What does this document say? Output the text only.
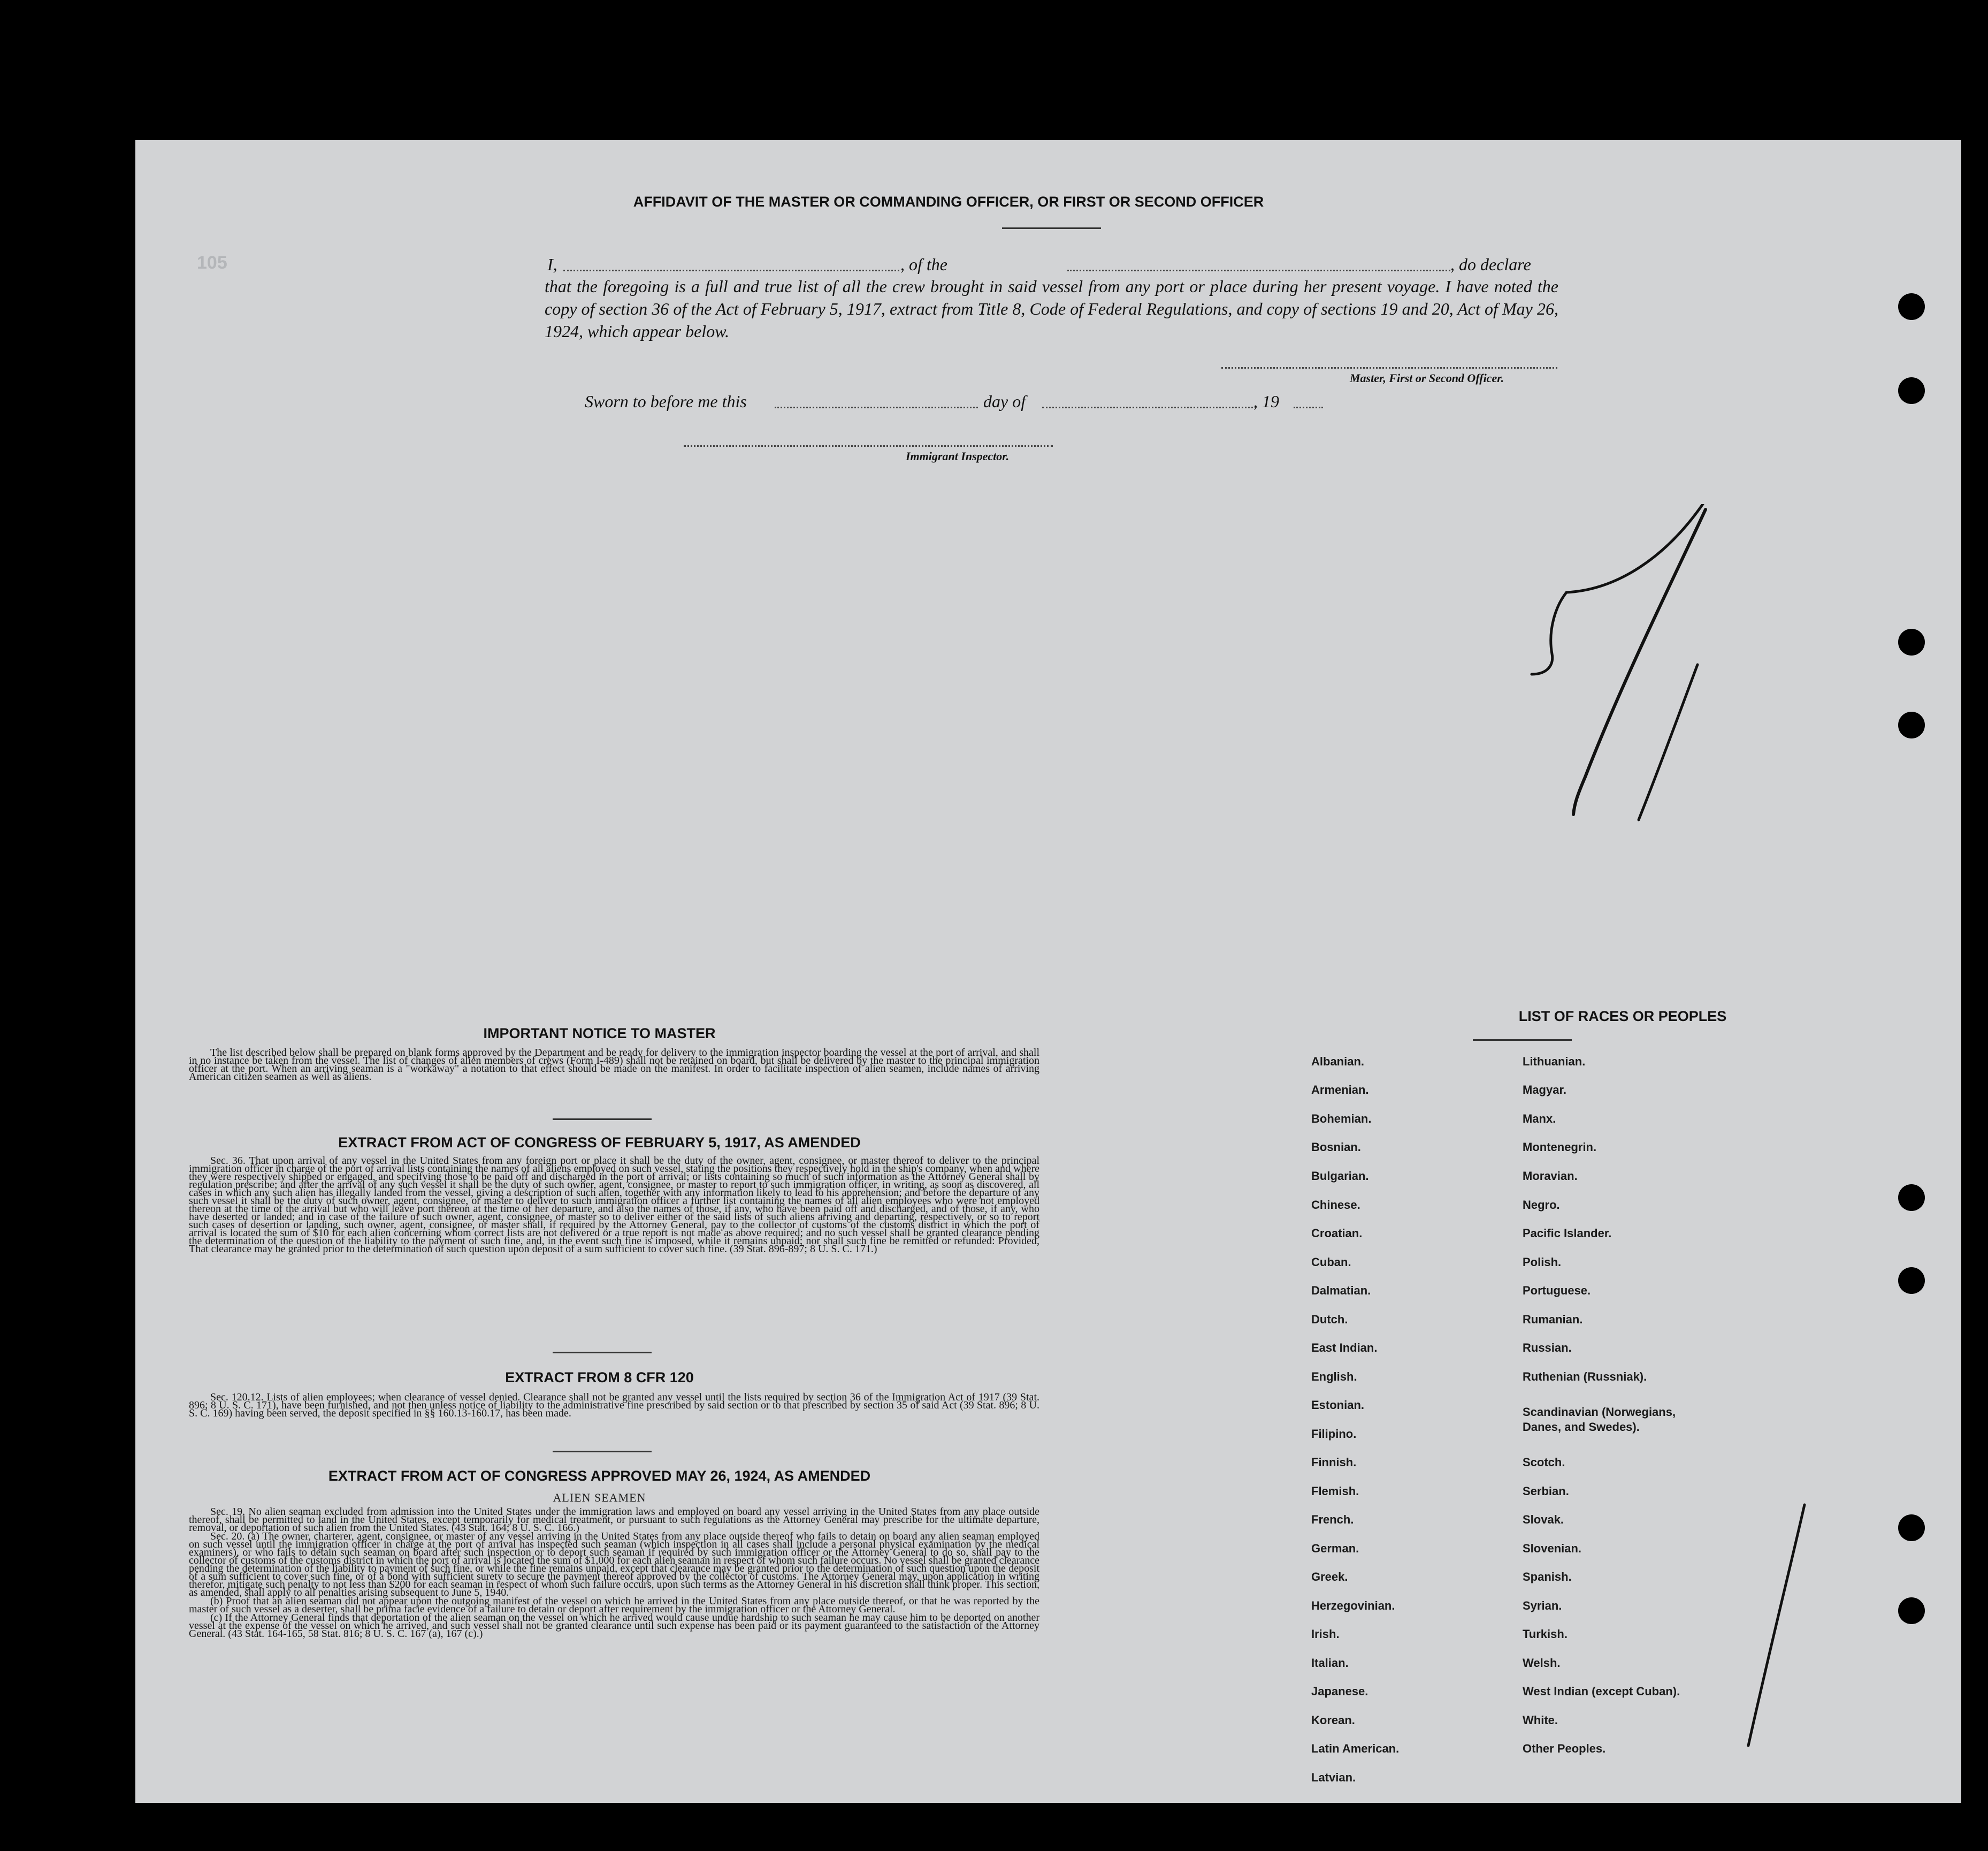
105
AFFIDAVIT OF THE MASTER OR COMMANDING OFFICER, OR FIRST OR SECOND OFFICER
I,	, of the	, do declare
that the foregoing is a full and true list of all the crew brought in said vessel from any port or place during her present voyage. I have noted the copy of section 36 of the Act of February 5, 1917, extract from Title 8, Code of Federal Regulations, and copy of sections 19 and 20, Act of May 26, 1924, which appear below.
Master, First or Second Officer.
Sworn to before me this	day of	, 19
Immigrant Inspector.
IMPORTANT NOTICE TO MASTER

The list described below shall be prepared on blank forms approved by the Department and be ready for delivery to the immigration inspector boarding the vessel at the port of arrival, and shall in no instance be taken from the vessel. The list of changes of alien members of crews (Form I-489) shall not be retained on board, but shall be delivered by the master to the principal immigration officer at the port. When an arriving seaman is a "workaway" a notation to that effect should be made on the manifest. In order to facilitate inspection of alien seamen, include names of arriving American citizen seamen as well as aliens.

EXTRACT FROM ACT OF CONGRESS OF FEBRUARY 5, 1917, AS AMENDED

Sec. 36. That upon arrival of any vessel in the United States from any foreign port or place it shall be the duty of the owner, agent, consignee, or master thereof to deliver to the principal immigration officer in charge of the port of arrival lists containing the names of all aliens employed on such vessel, stating the positions they respectively hold in the ship's company, when and where they were respectively shipped or engaged, and specifying those to be paid off and discharged in the port of arrival; or lists containing so much of such information as the Attorney General shall by regulation prescribe; and after the arrival of any such vessel it shall be the duty of such owner, agent, consignee, or master to report to such immigration officer, in writing, as soon as discovered, all cases in which any such alien has illegally landed from the vessel, giving a description of such alien, together with any information likely to lead to his apprehension; and before the departure of any such vessel it shall be the duty of such owner, agent, consignee, or master to deliver to such immigration officer a further list containing the names of all alien employees who were not employed thereon at the time of the arrival but who will leave port thereon at the time of her departure, and also the names of those, if any, who have been paid off and discharged, and of those, if any, who have deserted or landed; and in case of the failure of such owner, agent, consignee, or master so to deliver either of the said lists of such aliens arriving and departing, respectively, or so to report such cases of desertion or landing, such owner, agent, consignee, or master shall, if required by the Attorney General, pay to the collector of customs of the customs district in which the port of arrival is located the sum of $10 for each alien concerning whom correct lists are not delivered or a true report is not made as above required; and no such vessel shall be granted clearance pending the determination of the question of the liability to the payment of such fine, and, in the event such fine is imposed, while it remains unpaid; nor shall such fine be remitted or refunded: Provided, That clearance may be granted prior to the determination of such question upon deposit of a sum sufficient to cover such fine. (39 Stat. 896-897; 8 U. S. C. 171.)

EXTRACT FROM 8 CFR 120

Sec. 120.12. Lists of alien employees; when clearance of vessel denied. Clearance shall not be granted any vessel until the lists required by section 36 of the Immigration Act of 1917 (39 Stat. 896; 8 U. S. C. 171), have been furnished, and not then unless notice of liability to the administrative fine prescribed by said section or to that prescribed by section 35 of said Act (39 Stat. 896; 8 U. S. C. 169) having been served, the deposit specified in §§ 160.13-160.17, has been made.

EXTRACT FROM ACT OF CONGRESS APPROVED MAY 26, 1924, AS AMENDED
ALIEN SEAMEN

Sec. 19. No alien seaman excluded from admission into the United States under the immigration laws and employed on board any vessel arriving in the United States from any place outside thereof, shall be permitted to land in the United States, except temporarily for medical treatment, or pursuant to such regulations as the Attorney General may prescribe for the ultimate departure, removal, or deportation of such alien from the United States. (43 Stat. 164; 8 U. S. C. 166.)

Sec. 20. (a) The owner, charterer, agent, consignee, or master of any vessel arriving in the United States from any place outside thereof who fails to detain on board any alien seaman employed on such vessel until the immigration officer in charge at the port of arrival has inspected such seaman (which inspection in all cases shall include a personal physical examination by the medical examiners), or who fails to detain such seaman on board after such inspection or to deport such seaman if required by such immigration officer or the Attorney General to do so, shall pay to the collector of customs of the customs district in which the port of arrival is located the sum of $1,000 for each alien seaman in respect of whom such failure occurs. No vessel shall be granted clearance pending the determination of the liability to payment of such fine, or while the fine remains unpaid, except that clearance may be granted prior to the determination of such question upon the deposit of a sum sufficient to cover such fine, or of a bond with sufficient surety to secure the payment thereof approved by the collector of customs. The Attorney General may, upon application in writing therefor, mitigate such penalty to not less than $200 for each seaman in respect of whom such failure occurs, upon such terms as the Attorney General in his discretion shall think proper. This section, as amended, shall apply to all penalties arising subsequent to June 5, 1940.

(b) Proof that an alien seaman did not appear upon the outgoing manifest of the vessel on which he arrived in the United States from any place outside thereof, or that he was reported by the master of such vessel as a deserter, shall be prima facie evidence of a failure to detain or deport after requirement by the immigration officer or the Attorney General.

(c) If the Attorney General finds that deportation of the alien seaman on the vessel on which he arrived would cause undue hardship to such seaman he may cause him to be deported on another vessel at the expense of the vessel on which he arrived, and such vessel shall not be granted clearance until such expense has been paid or its payment guaranteed to the satisfaction of the Attorney General. (43 Stat. 164-165, 58 Stat. 816; 8 U. S. C. 167 (a), 167 (c).)

LIST OF RACES OR PEOPLES
Albanian.
Armenian.
Bohemian.
Bosnian.
Bulgarian.
Chinese.
Croatian.
Cuban.
Dalmatian.
Dutch.
East Indian.
English.
Estonian.
Filipino.
Finnish.
Flemish.
French.
German.
Greek.
Herzegovinian.
Irish.
Italian.
Japanese.
Korean.
Latin American.
Latvian.
Lithuanian.
Magyar.
Manx.
Montenegrin.
Moravian.
Negro.
Pacific Islander.
Polish.
Portuguese.
Rumanian.
Russian.
Ruthenian (Russniak).
Scandinavian (Norwegians,
Danes, and Swedes).
Scotch.
Serbian.
Slovak.
Slovenian.
Spanish.
Syrian.
Turkish.
Welsh.
West Indian (except Cuban).
White.
Other Peoples.
